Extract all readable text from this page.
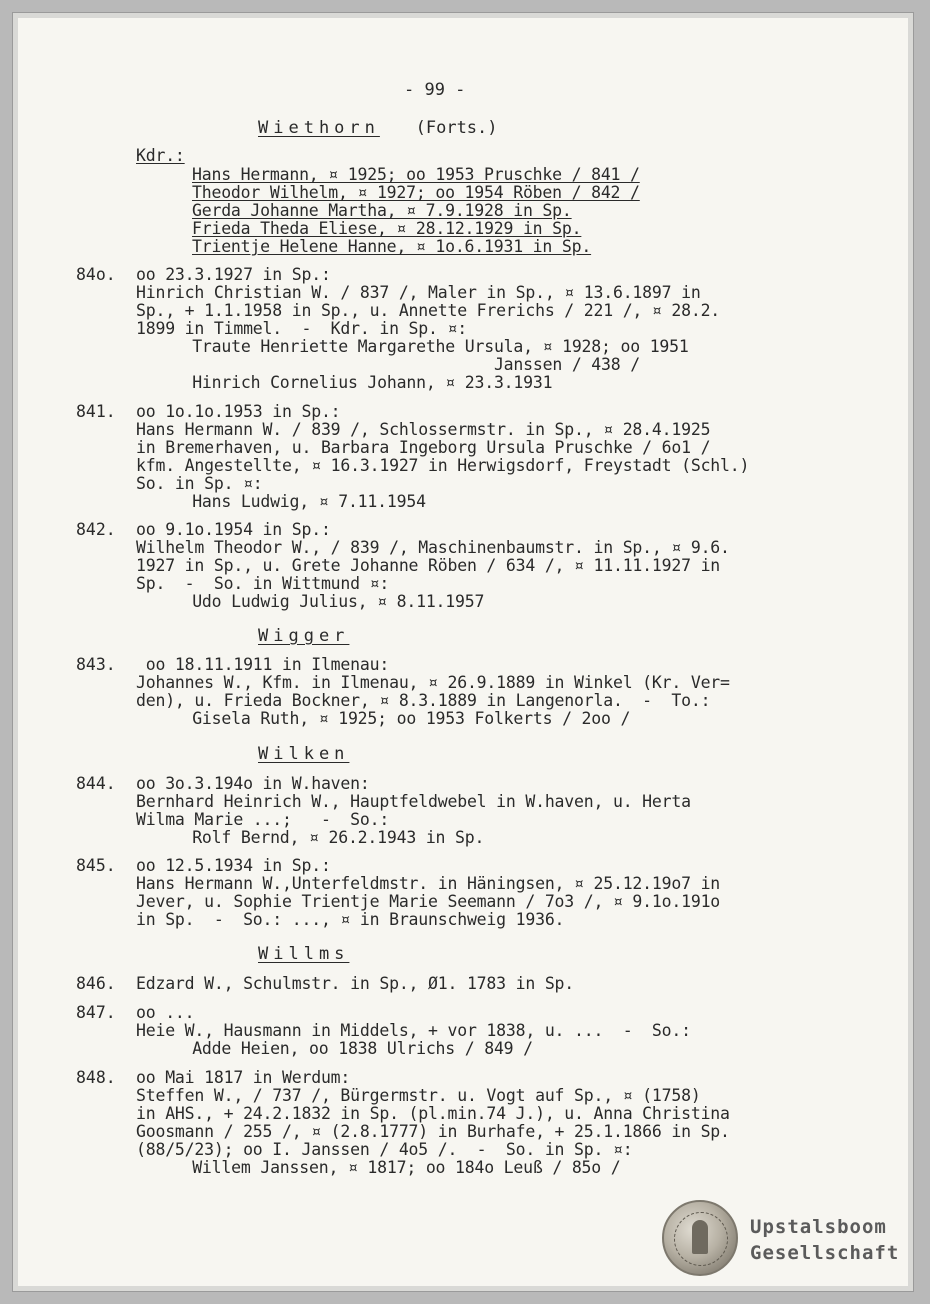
- 99 -
Wiethorn (Forts.)
Kdr.:
Hans Hermann, ¤ 1925; oo 1953 Pruschke / 841 /
Theodor Wilhelm, ¤ 1927; oo 1954 Röben / 842 /
Gerda Johanne Martha, ¤ 7.9.1928 in Sp.
Frieda Theda Eliese, ¤ 28.12.1929 in Sp.
Trientje Helene Hanne, ¤ 1o.6.1931 in Sp.
84o. oo 23.3.1927 in Sp.:
Hinrich Christian W. / 837 /, Maler in Sp., ¤ 13.6.1897 in
Sp., + 1.1.1958 in Sp., u. Annette Frerichs / 221 /, ¤ 28.2.
1899 in Timmel.  -  Kdr. in Sp. ¤:
Traute Henriette Margarethe Ursula, ¤ 1928; oo 1951
Janssen / 438 /
Hinrich Cornelius Johann, ¤ 23.3.1931
841. oo 1o.1o.1953 in Sp.:
Hans Hermann W. / 839 /, Schlossermstr. in Sp., ¤ 28.4.1925
in Bremerhaven, u. Barbara Ingeborg Ursula Pruschke / 6o1 /
kfm. Angestellte, ¤ 16.3.1927 in Herwigsdorf, Freystadt (Schl.)
So. in Sp. ¤:
Hans Ludwig, ¤ 7.11.1954
842. oo 9.1o.1954 in Sp.:
Wilhelm Theodor W., / 839 /, Maschinenbaumstr. in Sp., ¤ 9.6.
1927 in Sp., u. Grete Johanne Röben / 634 /, ¤ 11.11.1927 in
Sp.  -  So. in Wittmund ¤:
Udo Ludwig Julius, ¤ 8.11.1957
Wigger
843. oo 18.11.1911 in Ilmenau:
Johannes W., Kfm. in Ilmenau, ¤ 26.9.1889 in Winkel (Kr. Ver=
den), u. Frieda Bockner, ¤ 8.3.1889 in Langenorla.  -  To.:
Gisela Ruth, ¤ 1925; oo 1953 Folkerts / 2oo /
Wilken
844. oo 3o.3.194o in W.haven:
Bernhard Heinrich W., Hauptfeldwebel in W.haven, u. Herta
Wilma Marie ...;   -  So.:
Rolf Bernd, ¤ 26.2.1943 in Sp.
845. oo 12.5.1934 in Sp.:
Hans Hermann W.,Unterfeldmstr. in Häningsen, ¤ 25.12.19o7 in
Jever, u. Sophie Trientje Marie Seemann / 7o3 /, ¤ 9.1o.191o
in Sp.  -  So.: ..., ¤ in Braunschweig 1936.
Willms
846. Edzard W., Schulmstr. in Sp., Ø1. 1783 in Sp.
847. oo ...
Heie W., Hausmann in Middels, + vor 1838, u. ...  -  So.:
Adde Heien, oo 1838 Ulrichs / 849 /
848. oo Mai 1817 in Werdum:
Steffen W., / 737 /, Bürgermstr. u. Vogt auf Sp., ¤ (1758)
in AHS., + 24.2.1832 in Sp. (pl.min.74 J.), u. Anna Christina
Goosmann / 255 /, ¤ (2.8.1777) in Burhafe, + 25.1.1866 in Sp.
(88/5/23); oo I. Janssen / 4o5 /.  -  So. in Sp. ¤:
Willem Janssen, ¤ 1817; oo 184o Leuß / 85o /
Upstalsboom
Gesellschaft
